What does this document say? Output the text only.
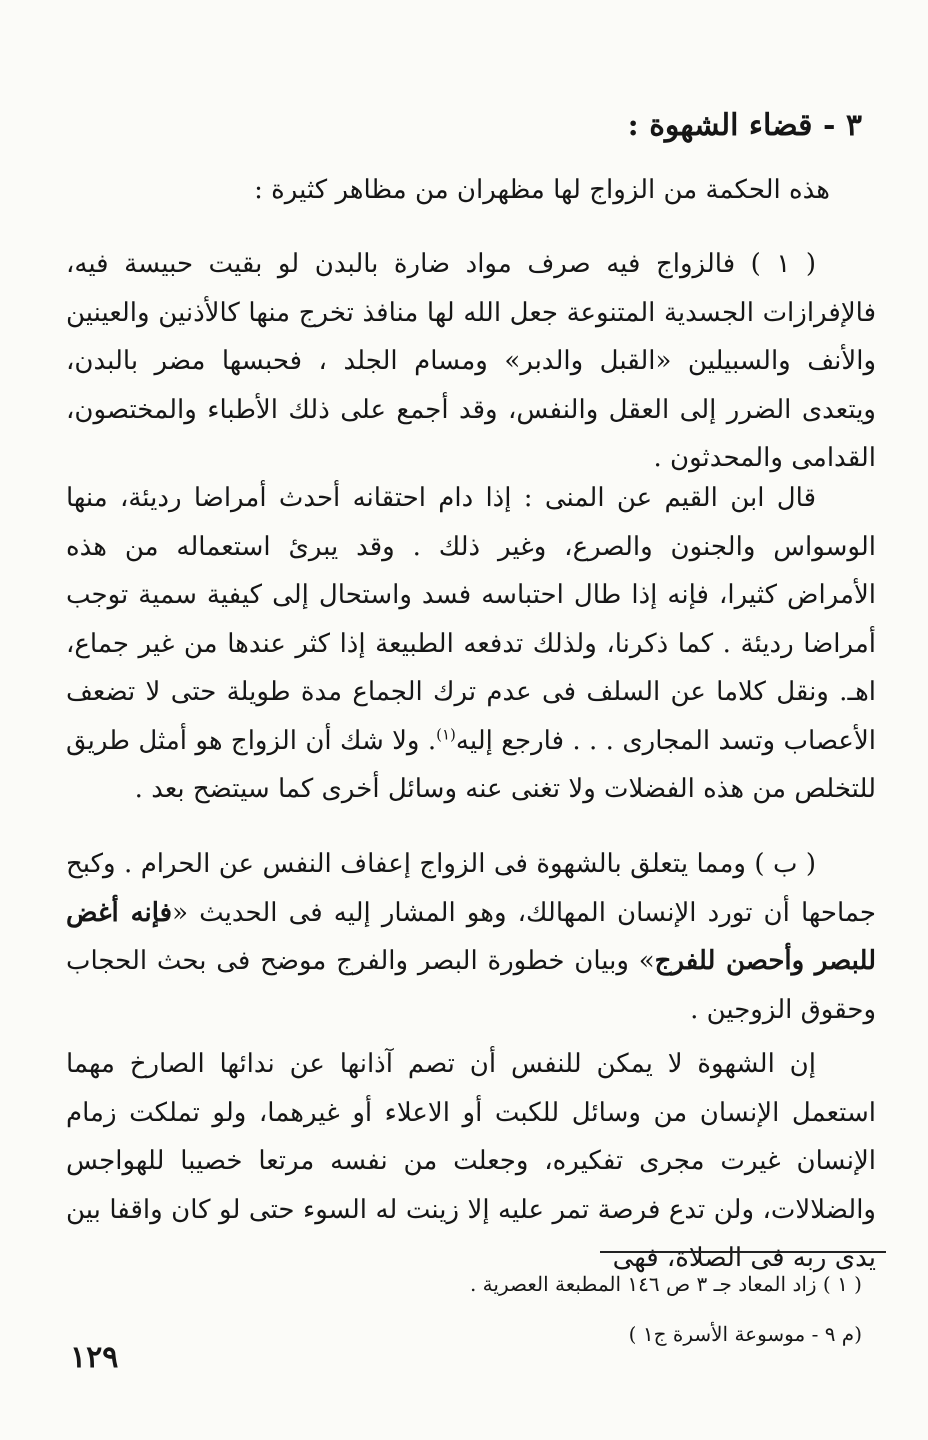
٣ - قضاء الشهوة :
هذه الحكمة من الزواج لها مظهران من مظاهر كثيرة :

( ١ ) فالزواج فيه صرف مواد ضارة بالبدن لو بقيت حبيسة فيه، فالإفرازات الجسدية المتنوعة جعل الله لها منافذ تخرج منها كالأذنين والعينين والأنف والسبيلين «القبل والدبر» ومسام الجلد ، فحبسها مضر بالبدن، ويتعدى الضرر إلى العقل والنفس، وقد أجمع على ذلك الأطباء والمختصون، القدامى والمحدثون .

قال ابن القيم عن المنى : إذا دام احتقانه أحدث أمراضا رديئة، منها الوسواس والجنون والصرع، وغير ذلك . وقد يبرئ استعماله من هذه الأمراض كثيرا، فإنه إذا طال احتباسه فسد واستحال إلى كيفية سمية توجب أمراضا رديئة . كما ذكرنا، ولذلك تدفعه الطبيعة إذا كثر عندها من غير جماع، اهـ. ونقل كلاما عن السلف فى عدم ترك الجماع مدة طويلة حتى لا تضعف الأعصاب وتسد المجارى . . . فارجع إليه$^{(١)}$. ولا شك أن الزواج هو أمثل طريق للتخلص من هذه الفضلات ولا تغنى عنه وسائل أخرى كما سيتضح بعد .

( ب ) ومما يتعلق بالشهوة فى الزواج إعفاف النفس عن الحرام . وكبح جماحها أن تورد الإنسان المهالك، وهو المشار إليه فى الحديث «فإنه أغض للبصر وأحصن للفرج» وبيان خطورة البصر والفرج موضح فى بحث الحجاب وحقوق الزوجين .

إن الشهوة لا يمكن للنفس أن تصم آذانها عن ندائها الصارخ مهما استعمل الإنسان من وسائل للكبت أو الاعلاء أو غيرهما، ولو تملكت زمام الإنسان غيرت مجرى تفكيره، وجعلت من نفسه مرتعا خصيبا للهواجس والضلالات، ولن تدع فرصة تمر عليه إلا زينت له السوء حتى لو كان واقفا بين يدى ربه فى الصلاة، فهى

( ١ ) زاد المعاد جـ ٣ ص ١٤٦ المطبعة العصرية .
(م ٩ - موسوعة الأسرة ج١ )
١٢٩
